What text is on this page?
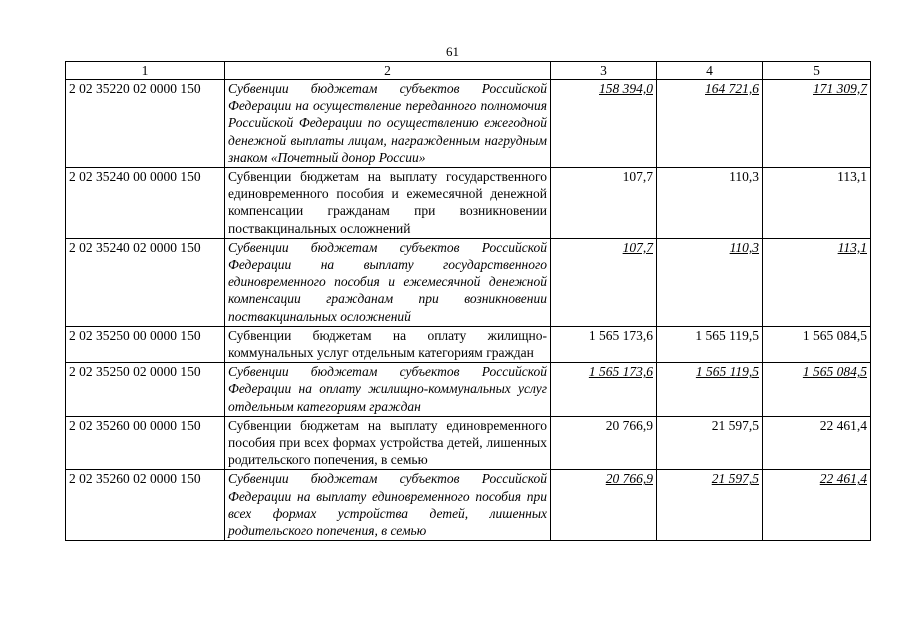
61
1	2	3	4	5
2 02 35220 02 0000 150	Субвенции бюджетам субъектов Российской Федерации на осуществление переданного полномочия Российской Федерации по осуществлению ежегодной денежной выплаты лицам, награжденным нагрудным знаком «Почетный донор России»	158 394,0	164 721,6	171 309,7
2 02 35240 00 0000 150	Субвенции бюджетам на выплату государственного единовременного пособия и ежемесячной денежной компенсации гражданам при возникновении поствакцинальных осложнений	107,7	110,3	113,1
2 02 35240 02 0000 150	Субвенции бюджетам субъектов Российской Федерации на выплату государственного единовременного пособия и ежемесячной денежной компенсации гражданам при возникновении поствакцинальных осложнений	107,7	110,3	113,1
2 02 35250 00 0000 150	Субвенции бюджетам на оплату жилищно-коммунальных услуг отдельным категориям граждан	1 565 173,6	1 565 119,5	1 565 084,5
2 02 35250 02 0000 150	Субвенции бюджетам субъектов Российской Федерации на оплату жилищно-коммунальных услуг отдельным категориям граждан	1 565 173,6	1 565 119,5	1 565 084,5
2 02 35260 00 0000 150	Субвенции бюджетам на выплату единовременного пособия при всех формах устройства детей, лишенных родительского попечения, в семью	20 766,9	21 597,5	22 461,4
2 02 35260 02 0000 150	Субвенции бюджетам субъектов Российской Федерации на выплату единовременного пособия при всех формах устройства детей, лишенных родительского попечения, в семью	20 766,9	21 597,5	22 461,4
